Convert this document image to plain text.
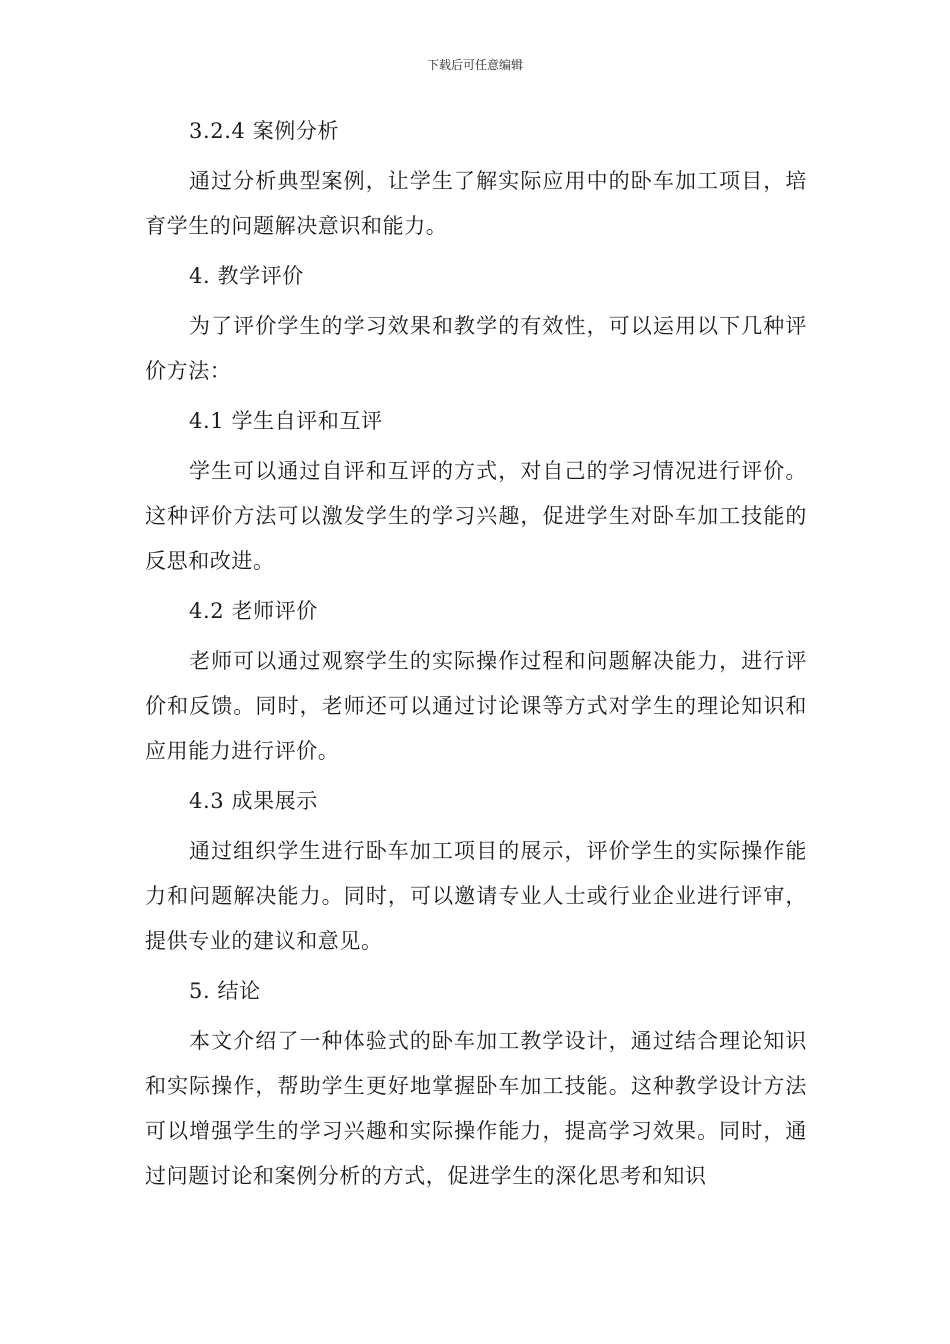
下载后可任意编辑

3.2.4 案例分析

通过分析典型案例，让学生了解实际应用中的卧车加工项目，培育学生的问题解决意识和能力。

4. 教学评价

为了评价学生的学习效果和教学的有效性，可以运用以下几种评价方法：

4.1 学生自评和互评

学生可以通过自评和互评的方式，对自己的学习情况进行评价。这种评价方法可以激发学生的学习兴趣，促进学生对卧车加工技能的反思和改进。

4.2 老师评价

老师可以通过观察学生的实际操作过程和问题解决能力，进行评价和反馈。同时，老师还可以通过讨论课等方式对学生的理论知识和应用能力进行评价。

4.3 成果展示

通过组织学生进行卧车加工项目的展示，评价学生的实际操作能力和问题解决能力。同时，可以邀请专业人士或行业企业进行评审，提供专业的建议和意见。

5. 结论

本文介绍了一种体验式的卧车加工教学设计，通过结合理论知识和实际操作，帮助学生更好地掌握卧车加工技能。这种教学设计方法可以增强学生的学习兴趣和实际操作能力，提高学习效果。同时，通过问题讨论和案例分析的方式，促进学生的深化思考和知识
